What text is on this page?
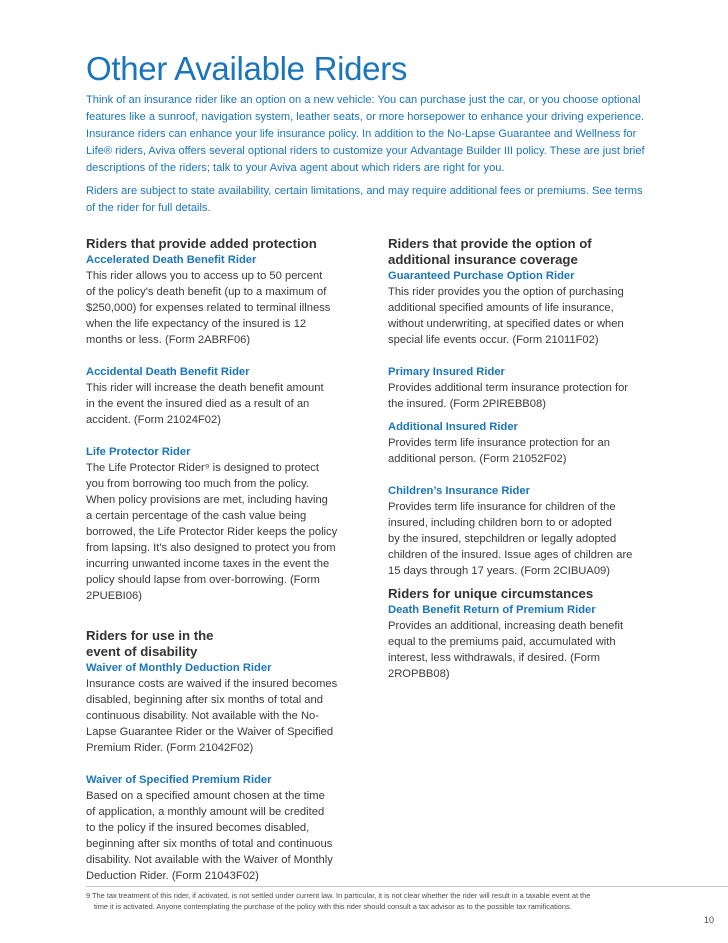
Other Available Riders

Think of an insurance rider like an option on a new vehicle: You can purchase just the car, or you choose optional features like a sunroof, navigation system, leather seats, or more horsepower to enhance your driving experience. Insurance riders can enhance your life insurance policy. In addition to the No-Lapse Guarantee and Wellness for Life® riders, Aviva offers several optional riders to customize your Advantage Builder III policy. These are just brief descriptions of the riders; talk to your Aviva agent about which riders are right for you.

Riders are subject to state availability, certain limitations, and may require additional fees or premiums. See terms of the rider for full details.

Riders that provide added protection
Accelerated Death Benefit Rider
This rider allows you to access up to 50 percent
of the policy's death benefit (up to a maximum of
$250,000) for expenses related to terminal illness
when the life expectancy of the insured is 12
months or less. (Form 2ABRF06)
Accidental Death Benefit Rider
This rider will increase the death benefit amount
in the event the insured died as a result of an
accident. (Form 21024F02)
Life Protector Rider
The Life Protector Rider⁹ is designed to protect
you from borrowing too much from the policy.
When policy provisions are met, including having
a certain percentage of the cash value being
borrowed, the Life Protector Rider keeps the policy
from lapsing. It's also designed to protect you from
incurring unwanted income taxes in the event the
policy should lapse from over-borrowing. (Form
2PUEBI06)
Riders for use in the
event of disability
Waiver of Monthly Deduction Rider
Insurance costs are waived if the insured becomes
disabled, beginning after six months of total and
continuous disability. Not available with the No-
Lapse Guarantee Rider or the Waiver of Specified
Premium Rider. (Form 21042F02)
Waiver of Specified Premium Rider
Based on a specified amount chosen at the time
of application, a monthly amount will be credited
to the policy if the insured becomes disabled,
beginning after six months of total and continuous
disability. Not available with the Waiver of Monthly
Deduction Rider. (Form 21043F02)
Riders that provide the option of
additional insurance coverage
Guaranteed Purchase Option Rider
This rider provides you the option of purchasing
additional specified amounts of life insurance,
without underwriting, at specified dates or when
special life events occur. (Form 21011F02)
Primary Insured Rider
Provides additional term insurance protection for
the insured. (Form 2PIREBB08)
Additional Insured Rider
Provides term life insurance protection for an
additional person. (Form 21052F02)
Children’s Insurance Rider
Provides term life insurance for children of the
insured, including children born to or adopted
by the insured, stepchildren or legally adopted
children of the insured. Issue ages of children are
15 days through 17 years. (Form 2CIBUA09)
Riders for unique circumstances
Death Benefit Return of Premium Rider
Provides an additional, increasing death benefit
equal to the premiums paid, accumulated with
interest, less withdrawals, if desired. (Form
2ROPBB08)

9 The tax treatment of this rider, if activated, is not settled under current law. In particular, it is not clear whether the rider will result in a taxable event at the

time it is activated. Anyone contemplating the purchase of the policy with this rider should consult a tax advisor as to the possible tax ramifications.

10
